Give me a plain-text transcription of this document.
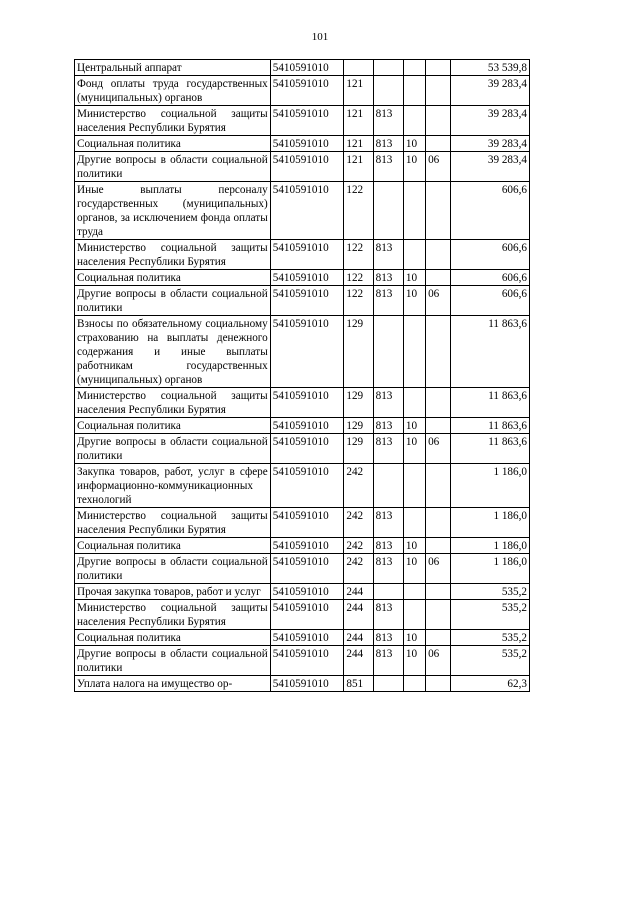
101
Центральный аппарат	5410591010					53 539,8
Фонд оплаты труда государственных (муниципальных) органов	5410591010	121				39 283,4
Министерство социальной защиты населения Республики Бурятия	5410591010	121	813			39 283,4
Социальная политика	5410591010	121	813	10		39 283,4
Другие вопросы в области социальной политики	5410591010	121	813	10	06	39 283,4
Иные выплаты персоналу государственных (муниципальных) органов, за исключением фонда оплаты труда	5410591010	122				606,6
Министерство социальной защиты населения Республики Бурятия	5410591010	122	813			606,6
Социальная политика	5410591010	122	813	10		606,6
Другие вопросы в области социальной политики	5410591010	122	813	10	06	606,6
Взносы по обязательному социальному страхованию на выплаты денежного содержания и иные выплаты работникам государственных (муниципальных) органов	5410591010	129				11 863,6
Министерство социальной защиты населения Республики Бурятия	5410591010	129	813			11 863,6
Социальная политика	5410591010	129	813	10		11 863,6
Другие вопросы в области социальной политики	5410591010	129	813	10	06	11 863,6
Закупка товаров, работ, услуг в сфере информационно-коммуникационных технологий	5410591010	242				1 186,0
Министерство социальной защиты населения Республики Бурятия	5410591010	242	813			1 186,0
Социальная политика	5410591010	242	813	10		1 186,0
Другие вопросы в области социальной политики	5410591010	242	813	10	06	1 186,0
Прочая закупка товаров, работ и услуг	5410591010	244				535,2
Министерство социальной защиты населения Республики Бурятия	5410591010	244	813			535,2
Социальная политика	5410591010	244	813	10		535,2
Другие вопросы в области социальной политики	5410591010	244	813	10	06	535,2
Уплата налога на имущество ор-	5410591010	851				62,3
